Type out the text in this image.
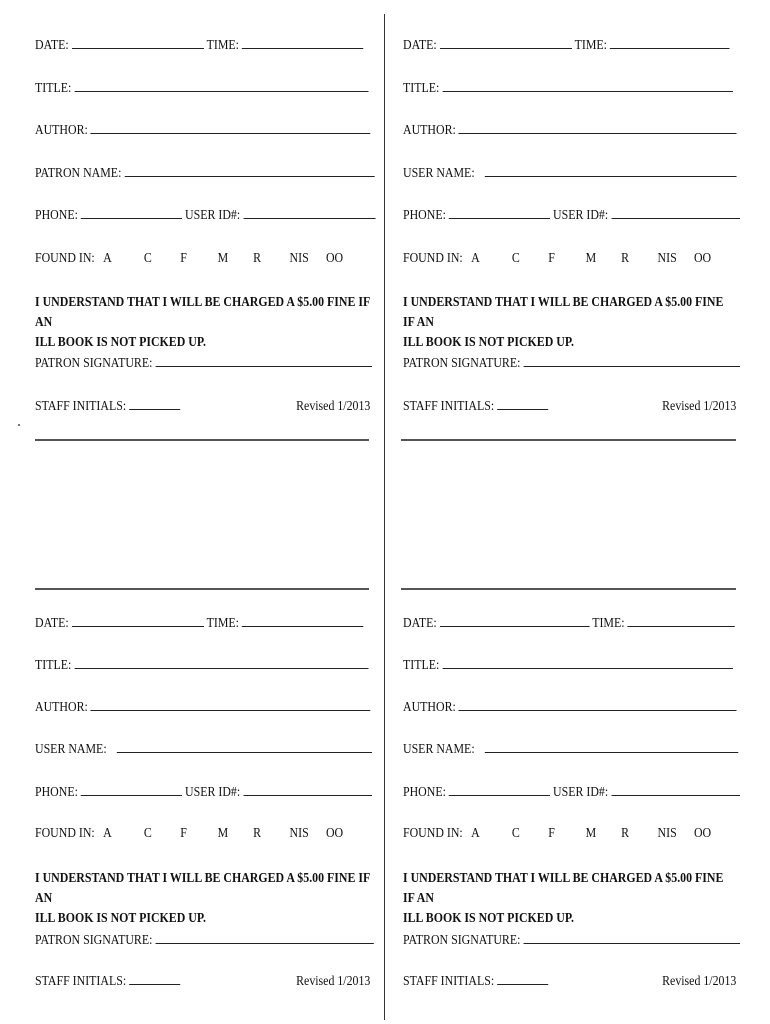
DATE:	TIME:
TITLE:
AUTHOR:
PATRON NAME:
PHONE:	USER ID#:
FOUND IN: A C F M R NIS OO
I UNDERSTAND THAT I WILL BE CHARGED A $5.00 FINE IF AN
ILL BOOK IS NOT PICKED UP.
PATRON SIGNATURE:
STAFF INITIALS:	Revised 1/2013
DATE:	TIME:
TITLE:
AUTHOR:
USER NAME:
PHONE:	USER ID#:
FOUND IN: A C F M R NIS OO
I UNDERSTAND THAT I WILL BE CHARGED A $5.00 FINE IF AN
ILL BOOK IS NOT PICKED UP.
PATRON SIGNATURE:
STAFF INITIALS:	Revised 1/2013
DATE:	TIME:
TITLE:
AUTHOR:
USER NAME:
PHONE:	USER ID#:
FOUND IN: A C F M R NIS OO
I UNDERSTAND THAT I WILL BE CHARGED A $5.00 FINE IF AN
ILL BOOK IS NOT PICKED UP.
PATRON SIGNATURE:
STAFF INITIALS:	Revised 1/2013
DATE:	TIME:
TITLE:
AUTHOR:
USER NAME:
PHONE:	USER ID#:
FOUND IN: A C F M R NIS OO
I UNDERSTAND THAT I WILL BE CHARGED A $5.00 FINE IF AN
ILL BOOK IS NOT PICKED UP.
PATRON SIGNATURE:
STAFF INITIALS:	Revised 1/2013
